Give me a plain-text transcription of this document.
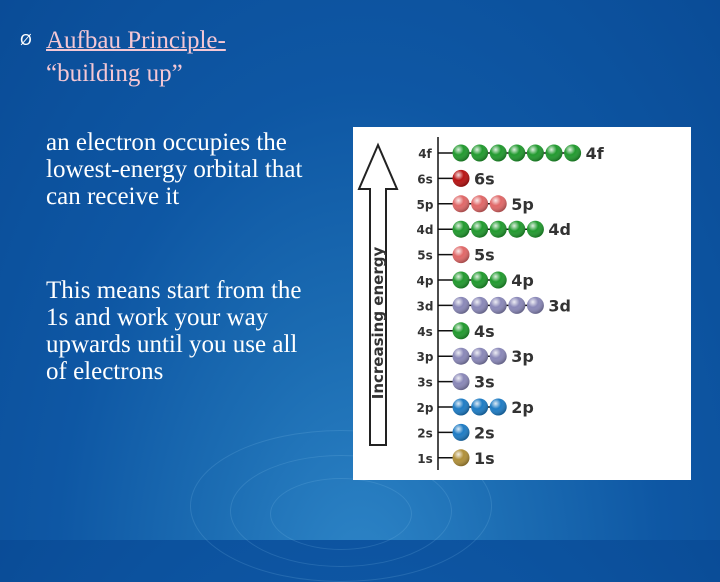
Ø Aufbau Principle-
“building up”
an electron occupies the lowest-energy orbital that can receive it
This means start from the 1s and work your way upwards until you use all of electrons	Increasing energy
4f	4f
6s	6s
5p	5p
4d	4d
5s	5s
4p	4p
3d	3d
4s	4s
3p	3p
3s	3s
2p	2p
2s	2s
1s	1s
